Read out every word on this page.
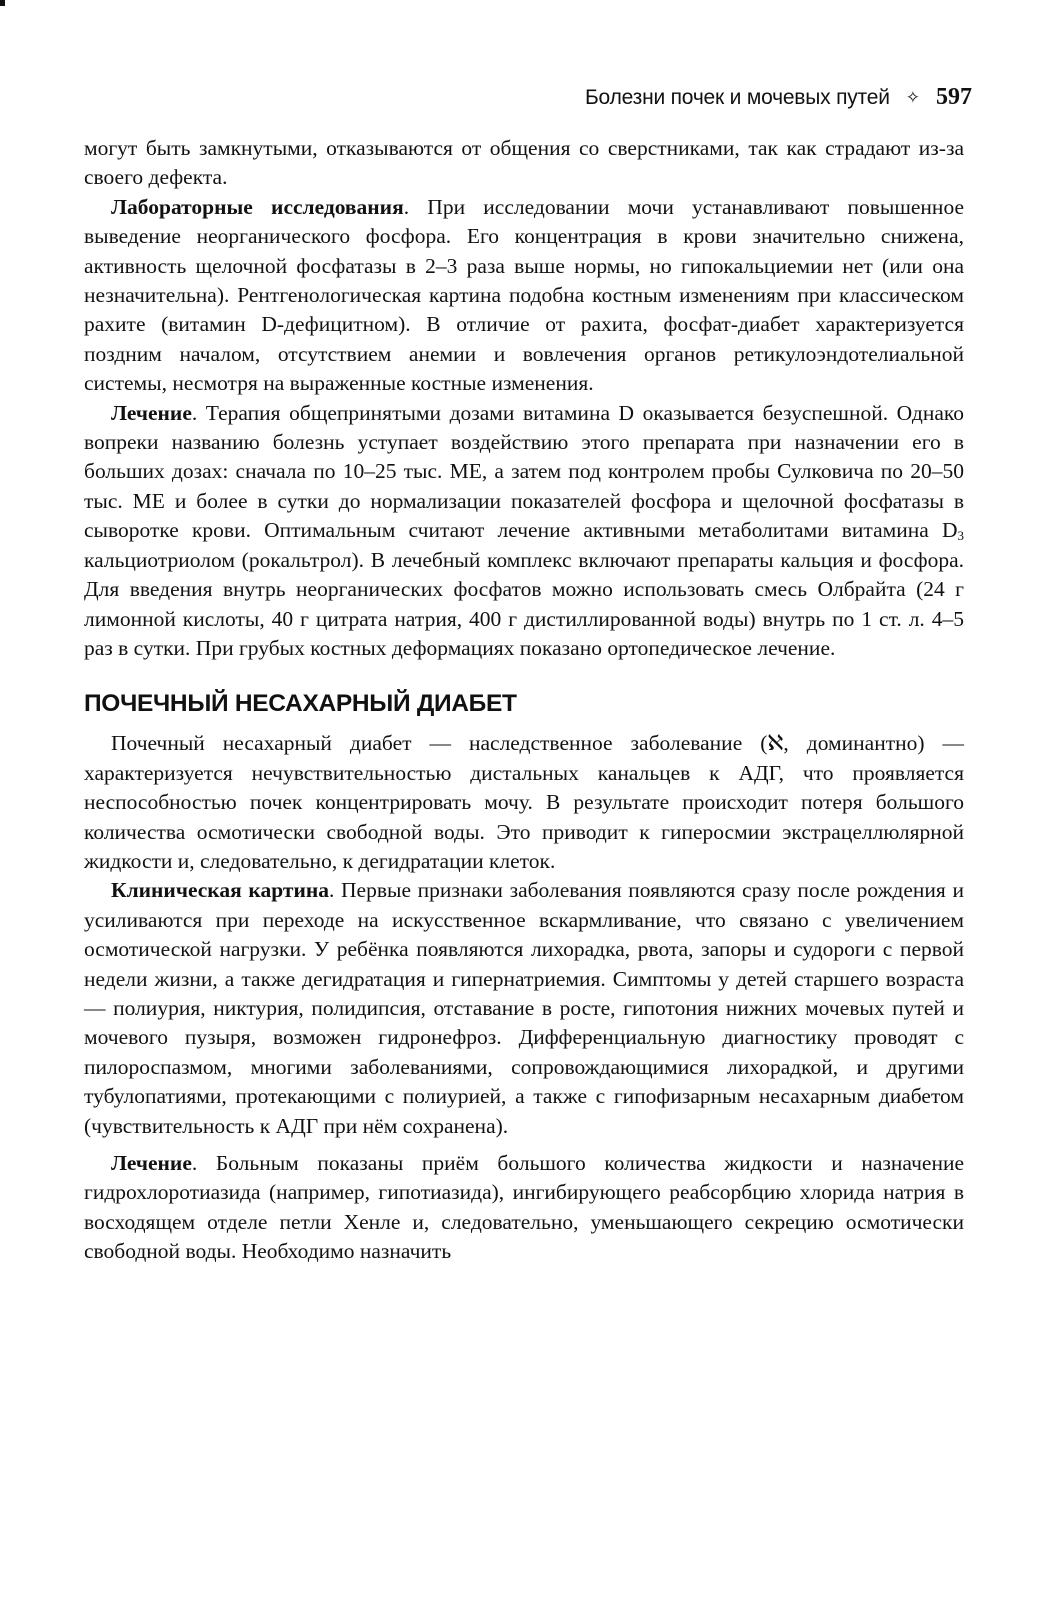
Болезни почек и мочевых путей ✧ 597

могут быть замкнутыми, отказываются от общения со сверстниками, так как страдают из-за своего дефекта.

Лабораторные исследования. При исследовании мочи устанавливают повышенное выведение неорганического фосфора. Его концентрация в крови значительно снижена, активность щелочной фосфатазы в 2–3 раза выше нормы, но гипокальциемии нет (или она незначительна). Рентгенологическая картина подобна костным изменениям при классическом рахите (витамин D-дефицитном). В отличие от рахита, фосфат-диабет характеризуется поздним началом, отсутствием анемии и вовлечения органов ретикулоэндотелиальной системы, несмотря на выраженные костные изменения.

Лечение. Терапия общепринятыми дозами витамина D оказывается безуспешной. Однако вопреки названию болезнь уступает воздействию этого препарата при назначении его в больших дозах: сначала по 10–25 тыс. МЕ, а затем под контролем пробы Сулковича по 20–50 тыс. МЕ и более в сутки до нормализации показателей фосфора и щелочной фосфатазы в сыворотке крови. Оптимальным считают лечение активными метаболитами витамина $D_3$ кальциотриолом (рокальтрол). В лечебный комплекс включают препараты кальция и фосфора. Для введения внутрь неорганических фосфатов можно использовать смесь Олбрайта (24 г лимонной кислоты, 40 г цитрата натрия, 400 г дистиллированной воды) внутрь по 1 ст. л. 4–5 раз в сутки. При грубых костных деформациях показано ортопедическое лечение.

ПОЧЕЧНЫЙ НЕСАХАРНЫЙ ДИАБЕТ

Почечный несахарный диабет — наследственное заболевание (ℵ, доминантно) — характеризуется нечувствительностью дистальных канальцев к АДГ, что проявляется неспособностью почек концентрировать мочу. В результате происходит потеря большого количества осмотически свободной воды. Это приводит к гиперосмии экстрацеллюлярной жидкости и, следовательно, к дегидратации клеток.

Клиническая картина. Первые признаки заболевания появляются сразу после рождения и усиливаются при переходе на искусственное вскармливание, что связано с увеличением осмотической нагрузки. У ребёнка появляются лихорадка, рвота, запоры и судороги с первой недели жизни, а также дегидратация и гипернатриемия. Симптомы у детей старшего возраста — полиурия, никтурия, полидипсия, отставание в росте, гипотония нижних мочевых путей и мочевого пузыря, возможен гидронефроз. Дифференциальную диагностику проводят с пилороспазмом, многими заболеваниями, сопровождающимися лихорадкой, и другими тубулопатиями, протекающими с полиурией, а также с гипофизарным несахарным диабетом (чувствительность к АДГ при нём сохранена).

Лечение. Больным показаны приём большого количества жидкости и назначение гидрохлоротиазида (например, гипотиазида), ингибирующего реабсорбцию хлорида натрия в восходящем отделе петли Хенле и, следовательно, уменьшающего секрецию осмотически свободной воды. Необходимо назначить
